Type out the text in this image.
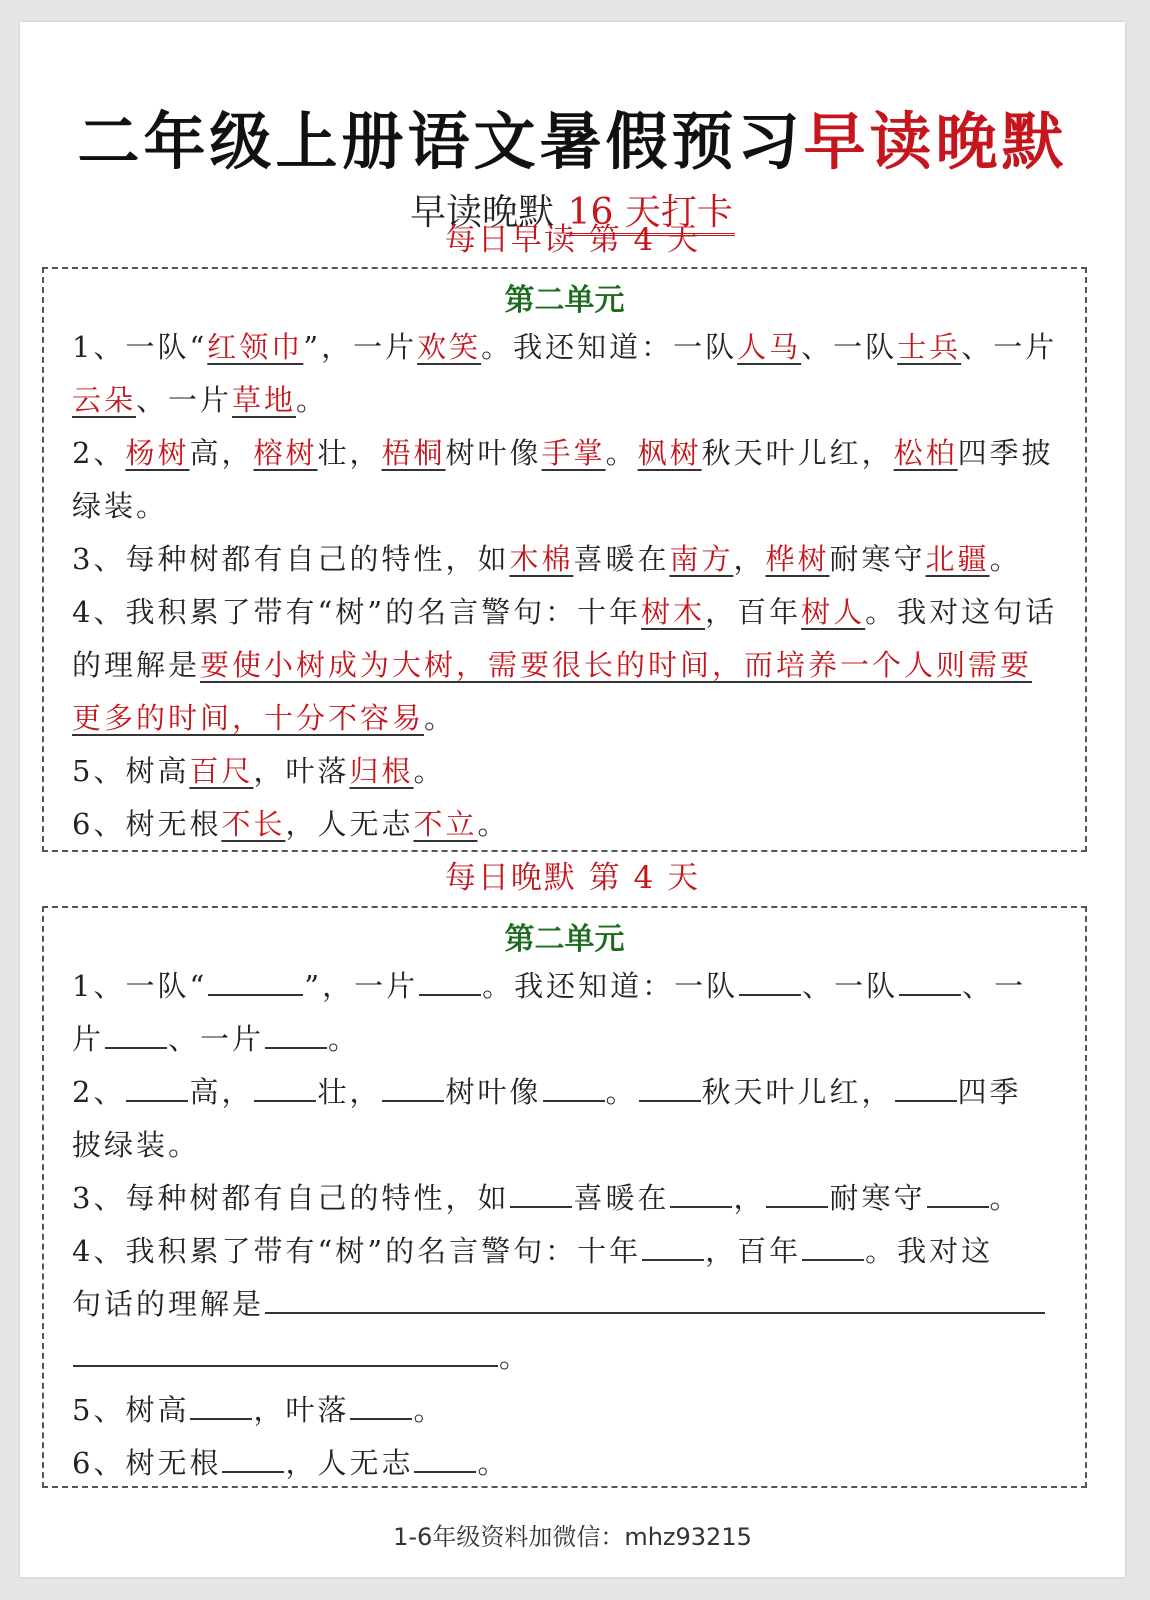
二年级上册语文暑假预习早读晚默
早读晚默 16 天打卡
每日早读 第 4 天
第二单元

1、一队“红领巾”，一片欢笑。我还知道：一队人马、一队士兵、一片云朵、一片草地。

2、杨树高，榕树壮，梧桐树叶像手掌。枫树秋天叶儿红，松柏四季披绿装。

3、每种树都有自己的特性，如木棉喜暖在南方，桦树耐寒守北疆。

4、我积累了带有“树”的名言警句：十年树木，百年树人。我对这句话的理解是要使小树成为大树，需要很长的时间，而培养一个人则需要更多的时间，十分不容易。

5、树高百尺，叶落归根。

6、树无根不长，人无志不立。

每日晚默 第 4 天
第二单元

1、一队“	”，一片 。我还知道：一队 、一队 、一

片 、一片 。

2、 高， 壮， 树叶像 。 秋天叶儿红， 四季

披绿装。

3、每种树都有自己的特性，如 喜暖在 ， 耐寒守 。

4、我积累了带有“树”的名言警句：十年 ，百年 。我对这

句话的理解是

。

5、树高 ，叶落 。

6、树无根 ，人无志 。

1-6年级资料加微信：mhz93215
